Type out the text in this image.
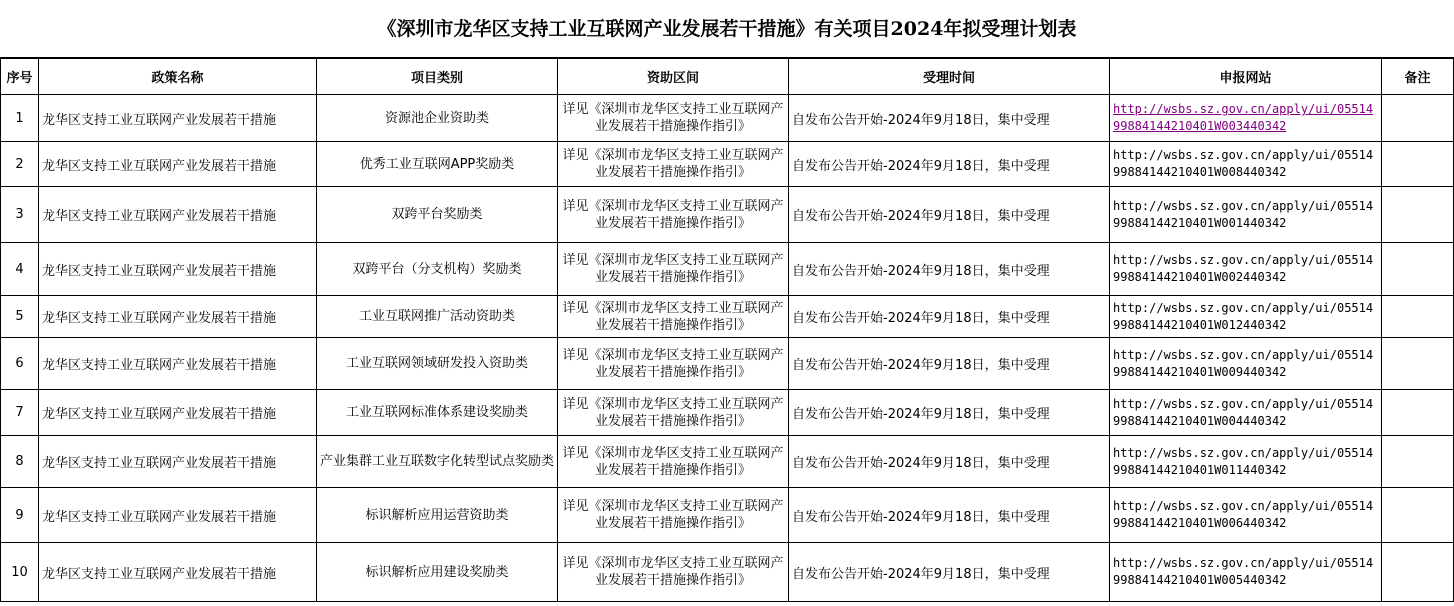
《深圳市龙华区支持工业互联网产业发展若干措施》有关项目2024年拟受理计划表
序号	政策名称	项目类别	资助区间	受理时间	申报网站	备注
1	龙华区支持工业互联网产业发展若干措施	资源池企业资助类	详见《深圳市龙华区支持工业互联网产业发展若干措施操作指引》	自发布公告开始-2024年9月18日，集中受理	http://wsbs.sz.gov.cn/apply/ui/0551499884144210401W003440342	
2	龙华区支持工业互联网产业发展若干措施	优秀工业互联网APP奖励类	详见《深圳市龙华区支持工业互联网产业发展若干措施操作指引》	自发布公告开始-2024年9月18日，集中受理	http://wsbs.sz.gov.cn/apply/ui/0551499884144210401W008440342	
3	龙华区支持工业互联网产业发展若干措施	双跨平台奖励类	详见《深圳市龙华区支持工业互联网产业发展若干措施操作指引》	自发布公告开始-2024年9月18日，集中受理	http://wsbs.sz.gov.cn/apply/ui/0551499884144210401W001440342	
4	龙华区支持工业互联网产业发展若干措施	双跨平台（分支机构）奖励类	详见《深圳市龙华区支持工业互联网产业发展若干措施操作指引》	自发布公告开始-2024年9月18日，集中受理	http://wsbs.sz.gov.cn/apply/ui/0551499884144210401W002440342	
5	龙华区支持工业互联网产业发展若干措施	工业互联网推广活动资助类	详见《深圳市龙华区支持工业互联网产业发展若干措施操作指引》	自发布公告开始-2024年9月18日，集中受理	http://wsbs.sz.gov.cn/apply/ui/0551499884144210401W012440342	
6	龙华区支持工业互联网产业发展若干措施	工业互联网领域研发投入资助类	详见《深圳市龙华区支持工业互联网产业发展若干措施操作指引》	自发布公告开始-2024年9月18日，集中受理	http://wsbs.sz.gov.cn/apply/ui/0551499884144210401W009440342	
7	龙华区支持工业互联网产业发展若干措施	工业互联网标准体系建设奖励类	详见《深圳市龙华区支持工业互联网产业发展若干措施操作指引》	自发布公告开始-2024年9月18日，集中受理	http://wsbs.sz.gov.cn/apply/ui/0551499884144210401W004440342	
8	龙华区支持工业互联网产业发展若干措施	产业集群工业互联数字化转型试点奖励类	详见《深圳市龙华区支持工业互联网产业发展若干措施操作指引》	自发布公告开始-2024年9月18日，集中受理	http://wsbs.sz.gov.cn/apply/ui/0551499884144210401W011440342	
9	龙华区支持工业互联网产业发展若干措施	标识解析应用运营资助类	详见《深圳市龙华区支持工业互联网产业发展若干措施操作指引》	自发布公告开始-2024年9月18日，集中受理	http://wsbs.sz.gov.cn/apply/ui/0551499884144210401W006440342	
10	龙华区支持工业互联网产业发展若干措施	标识解析应用建设奖励类	详见《深圳市龙华区支持工业互联网产业发展若干措施操作指引》	自发布公告开始-2024年9月18日，集中受理	http://wsbs.sz.gov.cn/apply/ui/0551499884144210401W005440342	
